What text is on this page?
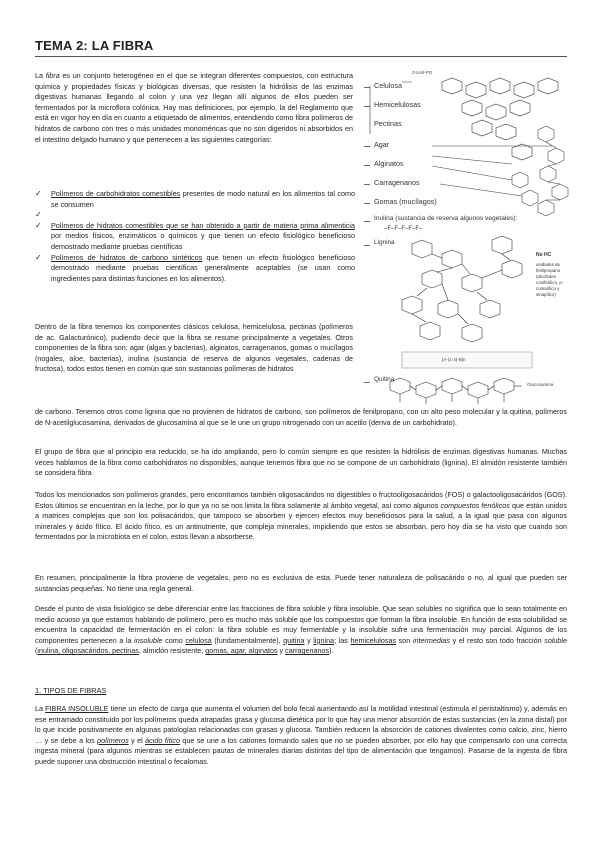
TEMA 2: LA FIBRA

La fibra es un conjunto heterogéneo en el que se integran diferentes compuestos, con estructura química y propiedades físicas y biológicas diversas, que resisten la hidrólisis de las enzimas digestivas humanas llegando al colon y una vez llegan allí algunos de ellos pueden ser fermentados por la microflora colónica. Hay mas definiciones, por ejemplo, la del Reglamento que está en vigor hoy en día en cuanto a etiquetado de alimentos, entendiendo como fibra polímeros de hidratos de carbono con tres o más unidades monoméricas que no son digeridos ni absorbidos en el intestino delgado humano y que pertenecen a las siguientes categorías:

✓ Polímeros de carbohidratos comestibles presentes de modo natural en los alimentos tal como se consumen
✓

✓ Polímeros de hidratos comestibles que se han obtenido a partir de materia prima alimenticia por medios físicos, enzimáticos o químicos y que tienen un efecto fisiológico beneficioso demostrado mediante pruebas científicas
✓ Polímeros de hidratos de carbono sintéticos que tienen un efecto fisiológico beneficioso demostrado mediante pruebas científicas generalmente aceptables (se usan como ingredientes para distintas funciones en los alimentos).

Dentro de la fibra tenemos los componentes clásicos celulosa, hemicelulosa, pectinas (polímeros de ac. Galacturónico), pudiendo decir que la fibra se resume principalmente a vegetales. Otros componentes de la fibra son; agar (algas y bacterias), alginatos, carragenanos, gomas o mucílagos (nogales, aloe, bacterias), inulina (sustancia de reserva de algunos vegetales, cadenas de fructosa), todos estos tienen en común que son sustancias polímeras de hidratos

de carbono. Tenemos otros como lignina que no provienen de hidratos de carbono, son polímeros de fenilpropano, con un alto peso molecular y la quitina, polímeros de N-acetilglucosamina, derivados de glucosamina al que se le une un grupo nitrogenado con un acetilo (deriva de un carbohidrato).

Z-Unit-PG
Celulosa
Hemicelulosas
Pectinas
Agar
Alginatos
Carragenanos
Gomas (mucílagos)
Inulina (sustancia de reserva algunos vegetales):
–F–F–F–F–F–
Lignina
No HC
unidades de
fenilpropano
(alcoholes
coniferílico, p-
cumarílico y
sinapílico)
[A-(1-4)-B]n
Quitina
Glucosamina

El grupo de fibra que al principio era reducido, se ha ido ampliando, pero lo común siempre es que resisten la hidrólisis de enzimas digestivas humanas. Muchas veces hablamos de la fibra como carbohidratos no disponibles, aunque tenemos fibra que no se compone de un carbohidrato (lignina). El almidón resistente también se considera fibra

Todos los mencionados son polímeros grandes, pero encontramos también oligosacáridos no digestibles o fructooligosacáridos (FOS) o galactooligosacáridos (GOS). Estos últimos se encuentran en la leche, por lo que ya no se nos limita la fibra solamente al ámbito vegetal, así como algunos compuestos fenólicos que están unidos a matrices complejas que son los polisacáridos, que tampoco se absorben y ejercen efectos muy beneficiosos para la salud, a la igual que pasa con algunos minerales y ácido fítico. El ácido fítico, es un antinutriente, que compleja minerales, impidiendo que estos se absorban, pero hoy día se ha visto que cuando son fermentados por la microbiota en el colon, estos llevan a absorberse.

En resumen, principalmente la fibra proviene de vegetales, pero no es exclusiva de esta. Puede tener naturaleza de polisacárido o no, al igual que pueden ser sustancias pequeñas. No tiene una regla general.

Desde el punto de vista fisiológico se debe diferenciar entre las fracciones de fibra soluble y fibra insoluble. Que sean solubles no significa que lo sean totalmente en medio acuoso ya que estamos hablando de polímero, pero es mucho más soluble que los compuestos que forman la fibra insoluble. En función de esta solubilidad se encuentra la capacidad de fermentación en el colon: la fibra soluble es muy fermentable y la insoluble sufre una fermentación muy parcial. Algunos de los componentes pertenecen a la insoluble como celulosa (fundamentalmente), quitina y lignina; las hemicelulosas son intermedias y el resto son todo fracción soluble (inulina, oligosacáridos, pectinas, almidón resistente, gomas, agar, alginatos y carragenanos).

1. TIPOS DE FIBRAS

La FIBRA INSOLUBLE tiene un efecto de carga que aumenta el volumen del bolo fecal aumentando así la motilidad intestinal (estimula el peristaltismo) y, además en ese entramado constituido por los polímeros queda atrapadas grasa y glucosa dietética por lo que hay una menor absorción de estas sustancias (en la zona distal) por lo que incide positivamente en algunas patologías relacionadas con grasas y glucosa. También reducen la absorción de cationes divalentes como calcio, zinc, hierro … y se debe a los polímeros y el ácido fítico que se une a los cationes formando sales que no se pueden absorber, por ello hay que compensarlo con una correcta ingesta mineral (para algunos mientras se establecen pautas de minerales diarias distintas del tipo de alimentación que tengamos). Pasarse de la ingesta de fibra puede suponer una obstrucción intestinal o fecalomas.
